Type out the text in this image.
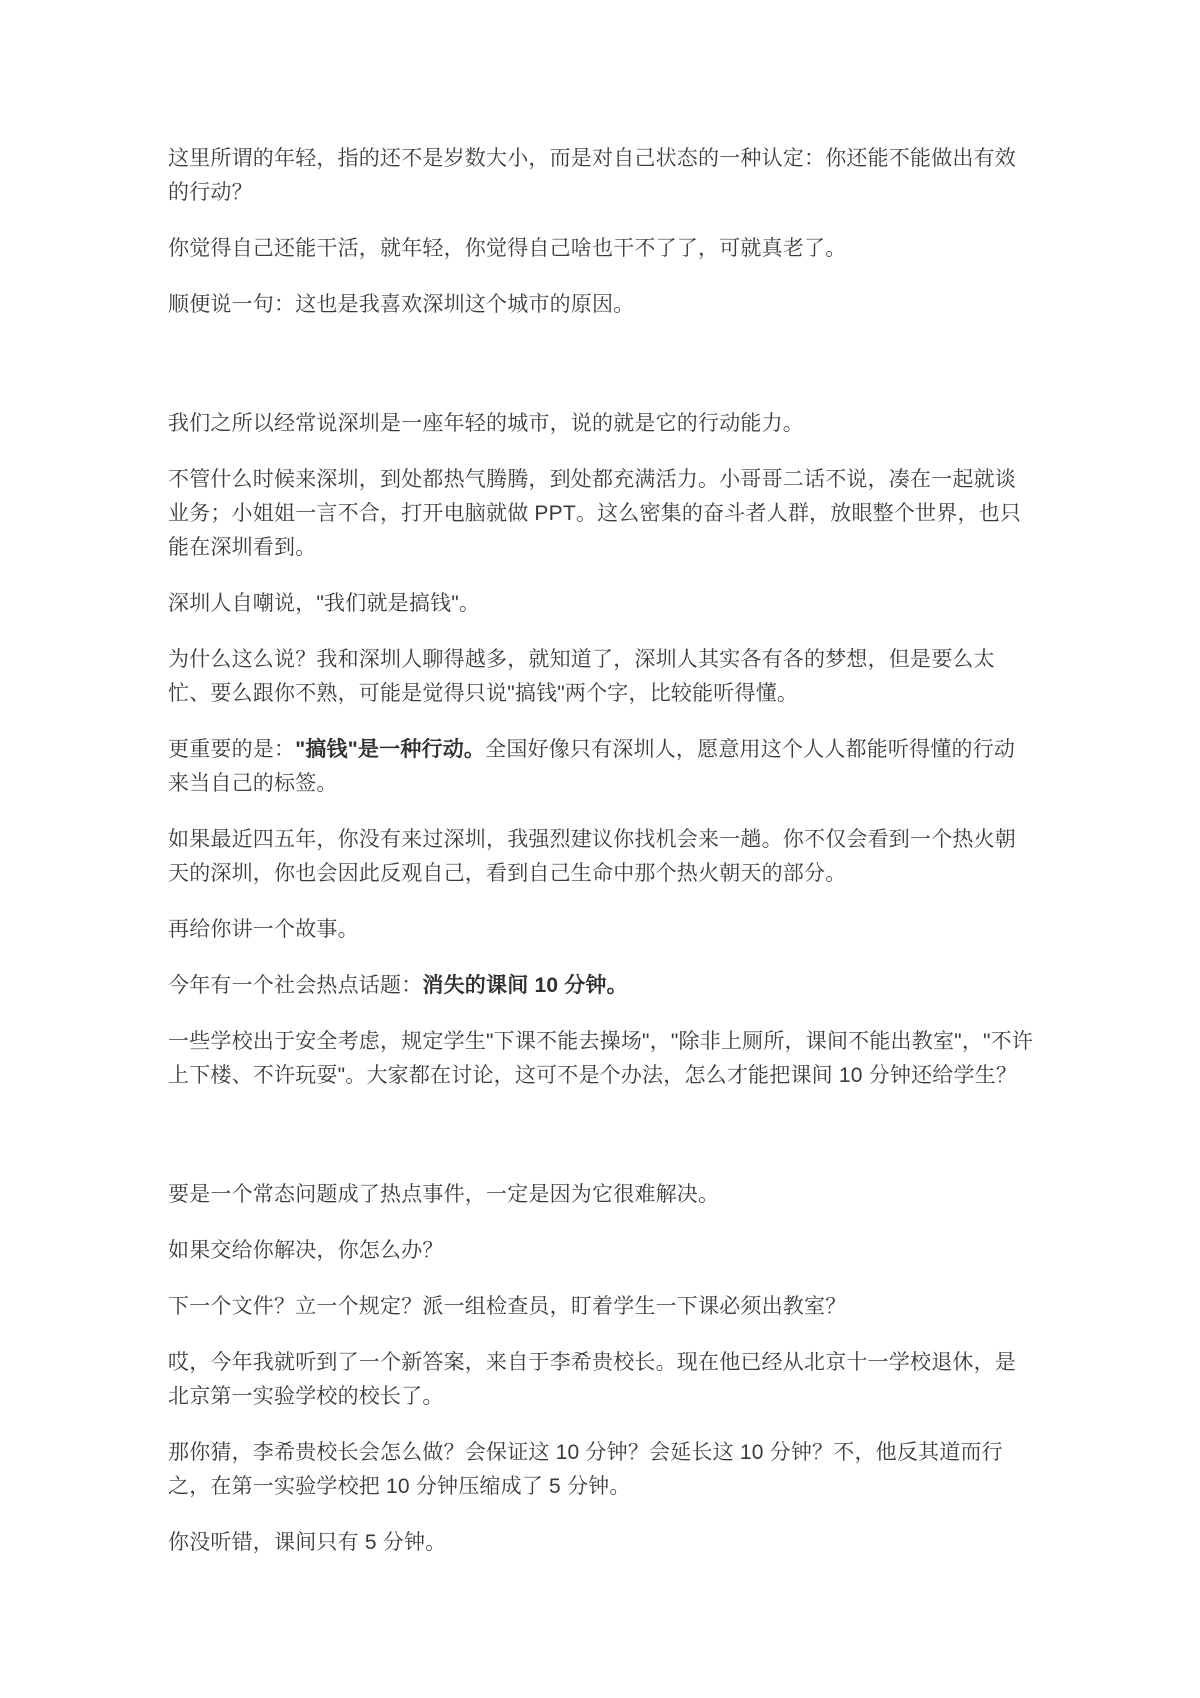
这里所谓的年轻，指的还不是岁数大小，而是对自己状态的一种认定：你还能不能做出有效的行动？

你觉得自己还能干活，就年轻，你觉得自己啥也干不了了，可就真老了。

顺便说一句：这也是我喜欢深圳这个城市的原因。

我们之所以经常说深圳是一座年轻的城市，说的就是它的行动能力。

不管什么时候来深圳，到处都热气腾腾，到处都充满活力。小哥哥二话不说，凑在一起就谈业务；小姐姐一言不合，打开电脑就做 PPT。这么密集的奋斗者人群，放眼整个世界，也只能在深圳看到。

深圳人自嘲说，"我们就是搞钱"。

为什么这么说？我和深圳人聊得越多，就知道了，深圳人其实各有各的梦想，但是要么太忙、要么跟你不熟，可能是觉得只说"搞钱"两个字，比较能听得懂。

更重要的是："搞钱"是一种行动。全国好像只有深圳人，愿意用这个人人都能听得懂的行动来当自己的标签。

如果最近四五年，你没有来过深圳，我强烈建议你找机会来一趟。你不仅会看到一个热火朝天的深圳，你也会因此反观自己，看到自己生命中那个热火朝天的部分。

再给你讲一个故事。

今年有一个社会热点话题：消失的课间 10 分钟。

一些学校出于安全考虑，规定学生"下课不能去操场"，"除非上厕所，课间不能出教室"，"不许上下楼、不许玩耍"。大家都在讨论，这可不是个办法，怎么才能把课间 10 分钟还给学生？

要是一个常态问题成了热点事件，一定是因为它很难解决。

如果交给你解决，你怎么办？

下一个文件？立一个规定？派一组检查员，盯着学生一下课必须出教室？

哎，今年我就听到了一个新答案，来自于李希贵校长。现在他已经从北京十一学校退休，是北京第一实验学校的校长了。

那你猜，李希贵校长会怎么做？会保证这 10 分钟？会延长这 10 分钟？不，他反其道而行之，在第一实验学校把 10 分钟压缩成了 5 分钟。

你没听错，课间只有 5 分钟。
